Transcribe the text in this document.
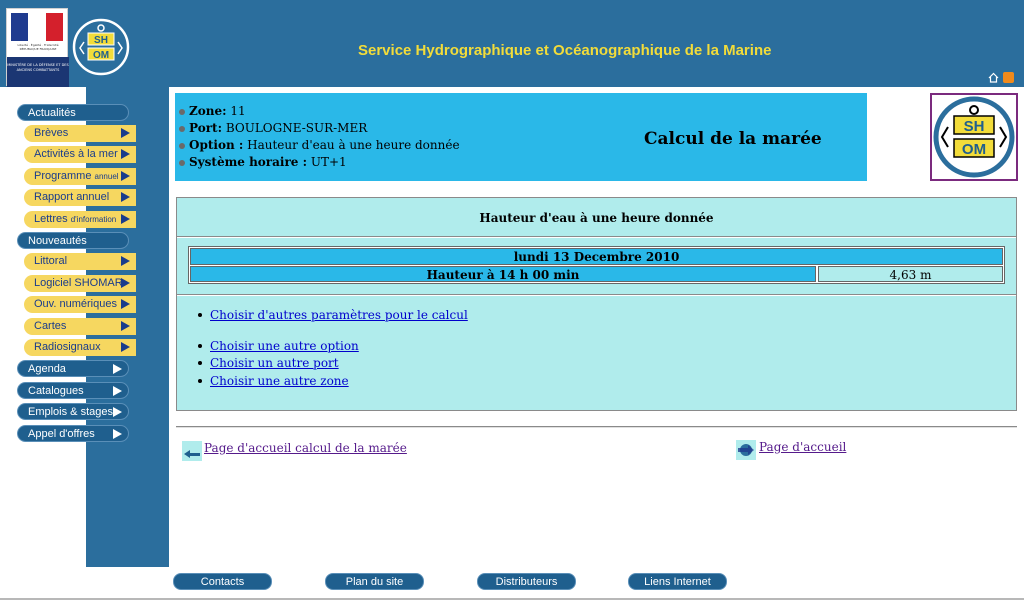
Liberté · Égalité · Fraternité RÉPUBLIQUE FRANÇAISE
MINISTÈRE DE LA DÉFENSE ET DES ANCIENS COMBATTANTS
SH
OM	Service Hydrographique et Océanographique de la Marine
Actualités
Brèves
Activités à la mer
Programme annuel
Rapport annuel
Lettres d'information
Nouveautés
Littoral
Logiciel SHOMAR
Ouv. numériques
Cartes
Radiosignaux
Agenda
Catalogues
Emplois & stages
Appel d'offres
Zone: 11
Port: BOULOGNE-SUR-MER
Option : Hauteur d'eau à une heure donnée
Système horaire : UT+1
Calcul de la marée
SH
OM
Hauteur d'eau à une heure donnée
lundi 13 Decembre 2010
Hauteur à 14 h 00 min	4,63 m
Choisir d'autres paramètres pour le calcul
Choisir une autre option
Choisir un autre port
Choisir une autre zone
Page d'accueil calcul de la marée	Page d'accueil
Contacts	Plan du site	Distributeurs	Liens Internet
